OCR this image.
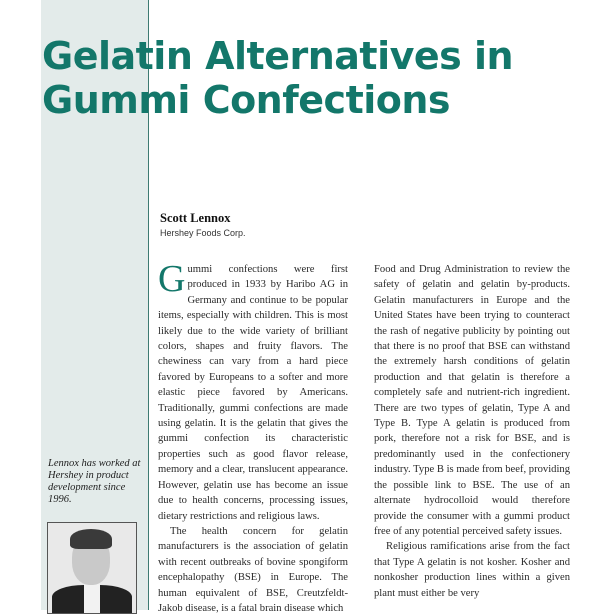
Gelatin Alternatives in
Gummi Confections
Scott Lennox
Hershey Foods Corp.

Gummi confections were first produced in 1933 by Haribo AG in Germany and continue to be popular items, especially with children. This is most likely due to the wide variety of brilliant colors, shapes and fruity flavors. The chewiness can vary from a hard piece favored by Europeans to a softer and more elastic piece favored by Americans. Traditionally, gummi confections are made using gelatin. It is the gelatin that gives the gummi confection its characteristic properties such as good flavor release, memory and a clear, translucent appearance. However, gelatin use has become an issue due to health concerns, processing issues, dietary restrictions and religious laws.

The health concern for gelatin manufacturers is the association of gelatin with recent outbreaks of bovine spongiform encephalopathy (BSE) in Europe. The human equivalent of BSE, Creutzfeldt-Jakob disease, is a fatal brain disease which

Food and Drug Administration to review the safety of gelatin and gelatin by-products. Gelatin manufacturers in Europe and the United States have been trying to counteract the rash of negative publicity by pointing out that there is no proof that BSE can withstand the extremely harsh conditions of gelatin production and that gelatin is therefore a completely safe and nutrient-rich ingredient. There are two types of gelatin, Type A and Type B. Type A gelatin is produced from pork, therefore not a risk for BSE, and is predominantly used in the confectionery industry. Type B is made from beef, providing the possible link to BSE. The use of an alternate hydrocolloid would therefore provide the consumer with a gummi product free of any potential perceived safety issues.

Religious ramifications arise from the fact that Type A gelatin is not kosher. Kosher and nonkosher production lines within a given plant must either be very

Lennox has worked at Hershey in product development since 1996.
